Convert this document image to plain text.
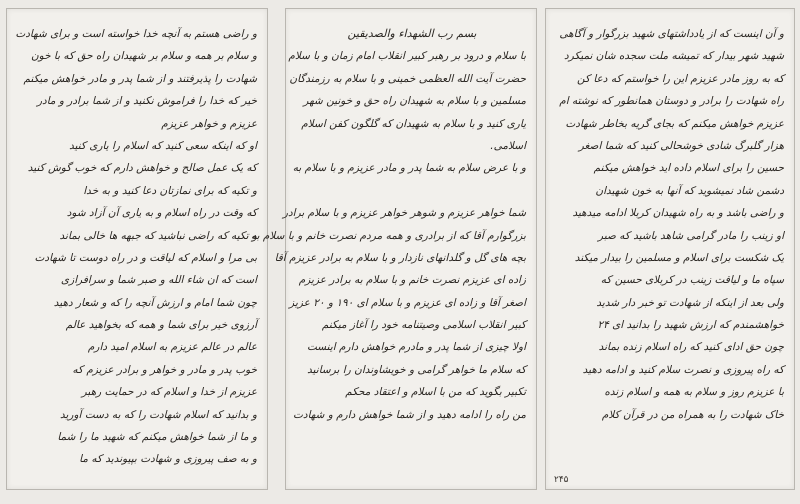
و راضی هستم به آنچه خدا خواسته است و برای شهادت
و سلام بر همه و سلام بر شهیدان راه حق که با خون
شهادت را پذیرفتند و از شما پدر و مادر خواهش میکنم
خیر که خدا را فراموش نکنید و از شما برادر و مادر
عزیزم و خواهر عزیزم
او که اینکه سعی کنید که اسلام را یاری کنید
که یک عمل صالح و خواهش دارم که خوب گوش کنید
و تکیه که برای نمازتان دعا کنید و به خدا
که وقت در راه اسلام و به یاری آن آزاد شود
و تکیه که راضی نباشید که جبهه ها خالی بماند
بی مرا و اسلام که لیاقت و در راه دوست تا شهادت
است که ان شاء الله و صبر شما و سرافرازی
چون شما امام و ارزش آنچه را که و شعار دهید
آرزوی خیر برای شما و همه که بخواهید عالم
عالم در عالم عزیزم به اسلام امید دارم
خوب پدر و مادر و خواهر و برادر عزیزم که
عزیزم از خدا و اسلام که در حمایت رهبر
و بدانید که اسلام شهادت را که به دست آورید
و ما از شما خواهش میکنم که شهید ما را شما
و به صف پیروزی و شهادت بپیوندید که ما
بسم رب الشهداء والصدیقین
با سلام و درود بر رهبر کبیر انقلاب امام زمان و با سلام
حضرت آیت الله العظمی خمینی و با سلام به رزمندگان
مسلمین و با سلام به شهیدان راه حق و خونین شهر
یاری کنید و با سلام به شهیدان که گلگون کفن اسلام
اسلامی.
و با عرض سلام به شما پدر و مادر عزیزم و با سلام به
شما خواهر عزیزم و شوهر خواهر عزیزم و با سلام برادر
بزرگوارم آقا که از برادری و همه مردم نصرت خانم و با سلام به
بچه های گل و گلدانهای نازدار و با سلام به برادر عزیزم آقا
زاده ای عزیزم نصرت خانم و با سلام به برادر عزیزم
اصغر آقا و زاده ای عزیزم و با سلام ای ۱۹۰ و ۲۰ عزیز
کبیر انقلاب اسلامی وصیتنامه خود را آغاز میکنم
اولا چیزی از شما پدر و مادرم خواهش دارم اینست
که سلام ما خواهر گرامی و خویشاوندان را برسانید
تکبیر بگوید که من با اسلام و اعتقاد محکم
من راه را ادامه دهید و از شما خواهش دارم و شهادت
و آن اینست که از یادداشتهای شهید بزرگوار و آگاهی
شهید شهر بیدار که تمیشه ملت سجده شان نمیکرد
که به روز مادر عزیزم این را خواستم که دعا کن
راه شهادت را برادر و دوستان همانطور که نوشته ام
عزیزم خواهش میکنم که بجای گریه بخاطر شهادت
هزار گلبرگ شادی خوشحالی کنید که شما اصغر
حسین را برای اسلام داده اید خواهش میکنم
دشمن شاد نمیشوید که آنها به خون شهیدان
و راضی باشد و به راه شهیدان کربلا ادامه میدهید
او زینب را مادر گرامی شاهد باشید که صبر
یک شکست برای اسلام و مسلمین را بیدار میکند
سپاه ما و لیاقت زینب در کربلای حسین که
ولی بعد از اینکه از شهادت تو خبر دار شدید
خواهشمندم که ارزش شهید را بدانید ای ۲۴
چون حق ادای کنید که راه اسلام زنده بماند
که راه پیروزی و نصرت سلام کنید و ادامه دهید
با عزیزم روز و سلام به همه و اسلام زنده
خاک شهادت را به همراه من در قرآن کلام
۲۴۵
